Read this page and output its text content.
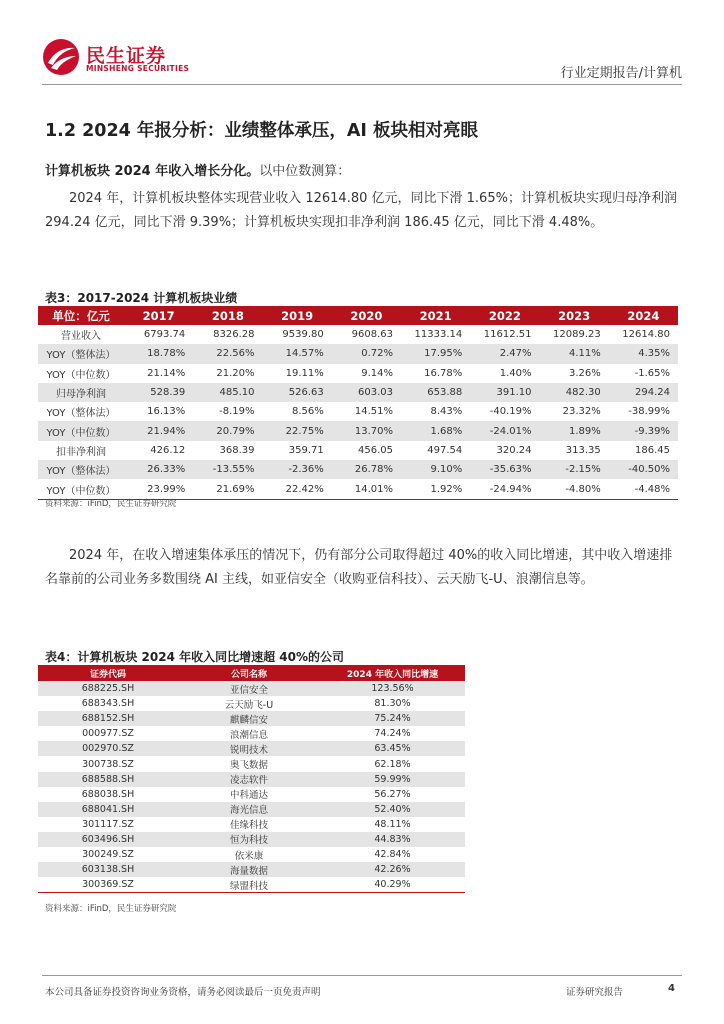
民生证券
MINSHENG SECURITIES	行业定期报告/计算机
1.2 2024 年报分析：业绩整体承压，AI 板块相对亮眼
计算机板块 2024 年收入增长分化。以中位数测算：
2024 年，计算机板块整体实现营业收入 12614.80 亿元，同比下滑 1.65%；计算机板块实现归母净利润 294.24 亿元，同比下滑 9.39%；计算机板块实现扣非净利润 186.45 亿元，同比下滑 4.48%。
表3：2017-2024 计算机板块业绩
单位：亿元	2017	2018	2019	2020	2021	2022	2023	2024
营业收入	6793.74	8326.28	9539.80	9608.63	11333.14	11612.51	12089.23	12614.80
YOY（整体法）	18.78%	22.56%	14.57%	0.72%	17.95%	2.47%	4.11%	4.35%
YOY（中位数）	21.14%	21.20%	19.11%	9.14%	16.78%	1.40%	3.26%	-1.65%
归母净利润	528.39	485.10	526.63	603.03	653.88	391.10	482.30	294.24
YOY（整体法）	16.13%	-8.19%	8.56%	14.51%	8.43%	-40.19%	23.32%	-38.99%
YOY（中位数）	21.94%	20.79%	22.75%	13.70%	1.68%	-24.01%	1.89%	-9.39%
扣非净利润	426.12	368.39	359.71	456.05	497.54	320.24	313.35	186.45
YOY（整体法）	26.33%	-13.55%	-2.36%	26.78%	9.10%	-35.63%	-2.15%	-40.50%
YOY（中位数）	23.99%	21.69%	22.42%	14.01%	1.92%	-24.94%	-4.80%	-4.48%
资料来源：iFinD，民生证券研究院
2024 年，在收入增速集体承压的情况下，仍有部分公司取得超过 40%的收入同比增速，其中收入增速排名靠前的公司业务多数围绕 AI 主线，如亚信安全（收购亚信科技）、云天励飞-U、浪潮信息等。
表4：计算机板块 2024 年收入同比增速超 40%的公司
证券代码	公司名称	2024 年收入同比增速
688225.SH	亚信安全	123.56%
688343.SH	云天励飞-U	81.30%
688152.SH	麒麟信安	75.24%
000977.SZ	浪潮信息	74.24%
002970.SZ	锐明技术	63.45%
300738.SZ	奥飞数据	62.18%
688588.SH	凌志软件	59.99%
688038.SH	中科通达	56.27%
688041.SH	海光信息	52.40%
301117.SZ	佳缘科技	48.11%
603496.SH	恒为科技	44.83%
300249.SZ	依米康	42.84%
603138.SH	海量数据	42.26%
300369.SZ	绿盟科技	40.29%
资料来源：iFinD，民生证券研究院
本公司具备证券投资咨询业务资格，请务必阅读最后一页免责声明	证券研究报告	4
